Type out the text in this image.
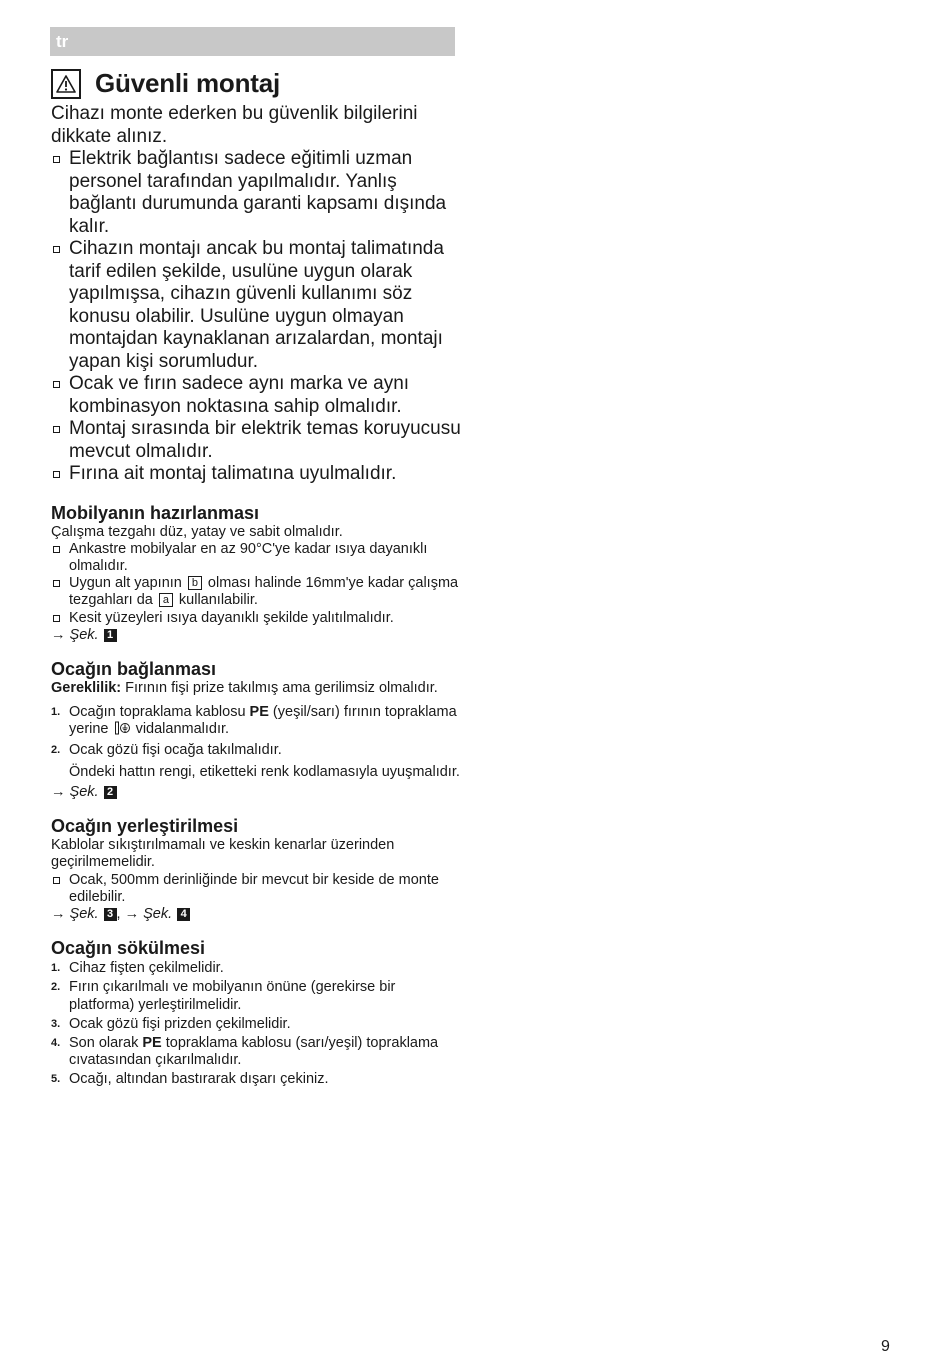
tr
Güvenli montaj
Cihazı monte ederken bu güvenlik bilgilerini dikkate alınız.
Elektrik bağlantısı sadece eğitimli uzman personel tarafından yapılmalıdır. Yanlış bağlantı durumunda garanti kapsamı dışında kalır.
Cihazın montajı ancak bu montaj talimatında tarif edilen şekilde, usulüne uygun olarak yapılmışsa, cihazın güvenli kullanımı söz konusu olabilir. Usulüne uygun olmayan montajdan kaynaklanan arızalardan, montajı yapan kişi sorumludur.
Ocak ve fırın sadece aynı marka ve aynı kombinasyon noktasına sahip olmalıdır.
Montaj sırasında bir elektrik temas koruyucusu mevcut olmalıdır.
Fırına ait montaj talimatına uyulmalıdır.
Mobilyanın hazırlanması
Çalışma tezgahı düz, yatay ve sabit olmalıdır.
Ankastre mobilyalar en az 90°C'ye kadar ısıya dayanıklı olmalıdır.
Uygun alt yapının b olması halinde 16mm'ye kadar çalışma tezgahları da a kullanılabilir.
Kesit yüzeyleri ısıya dayanıklı şekilde yalıtılmalıdır.
→ Şek. 1
Ocağın bağlanması
Gereklilik: Fırının fişi prize takılmış ama gerilimsiz olmalıdır.
1. Ocağın topraklama kablosu PE (yeşil/sarı) fırının topraklama yerine vidalanmalıdır.
2. Ocak gözü fişi ocağa takılmalıdır.
Öndeki hattın rengi, etiketteki renk kodlamasıyla uyuşmalıdır.
→ Şek. 2
Ocağın yerleştirilmesi
Kablolar sıkıştırılmamalı ve keskin kenarlar üzerinden geçirilmemelidir.
Ocak, 500mm derinliğinde bir mevcut bir keside de monte edilebilir.
→ Şek. 3 , → Şek. 4
Ocağın sökülmesi
1. Cihaz fişten çekilmelidir.
2. Fırın çıkarılmalı ve mobilyanın önüne (gerekirse bir platforma) yerleştirilmelidir.
3. Ocak gözü fişi prizden çekilmelidir.
4. Son olarak PE topraklama kablosu (sarı/yeşil) topraklama cıvatasından çıkarılmalıdır.
5. Ocağı, altından bastırarak dışarı çekiniz.
9
